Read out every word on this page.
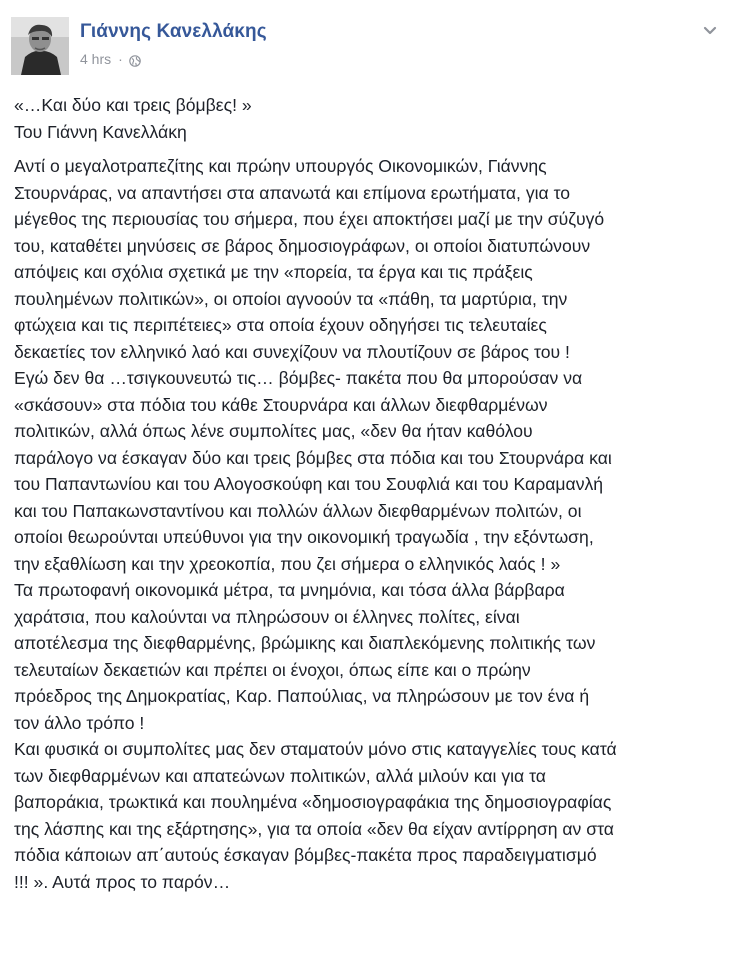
Γιάννης Κανελλάκης
4 hrs ·
«…Και δύο και τρεις βόμβες! »
Του Γιάννη Κανελλάκη
Αντί ο μεγαλοτραπεζίτης και πρώην υπουργός Οικονομικών, Γιάννης
Στουρνάρας, να απαντήσει στα απανωτά και επίμονα ερωτήματα, για το
μέγεθος της περιουσίας του σήμερα, που έχει αποκτήσει μαζί με την σύζυγό
του, καταθέτει μηνύσεις σε βάρος δημοσιογράφων, οι οποίοι διατυπώνουν
απόψεις και σχόλια σχετικά με την «πορεία, τα έργα και τις πράξεις
πουλημένων πολιτικών», οι οποίοι αγνοούν τα «πάθη, τα μαρτύρια, την
φτώχεια και τις περιπέτειες» στα οποία έχουν οδηγήσει τις τελευταίες
δεκαετίες τον ελληνικό λαό και συνεχίζουν να πλουτίζουν σε βάρος του !
Εγώ δεν θα …τσιγκουνευτώ τις… βόμβες- πακέτα που θα μπορούσαν να
«σκάσουν» στα πόδια του κάθε Στουρνάρα και άλλων διεφθαρμένων
πολιτικών, αλλά όπως λένε συμπολίτες μας, «δεν θα ήταν καθόλου
παράλογο να έσκαγαν δύο και τρεις βόμβες στα πόδια και του Στουρνάρα και
του Παπαντωνίου και του Αλογοσκούφη και του Σουφλιά και του Καραμανλή
και του Παπακωνσταντίνου και πολλών άλλων διεφθαρμένων πολιτών, οι
οποίοι θεωρούνται υπεύθυνοι για την οικονομική τραγωδία , την εξόντωση,
την εξαθλίωση και την χρεοκοπία, που ζει σήμερα ο ελληνικός λαός ! »
Τα πρωτοφανή οικονομικά μέτρα, τα μνημόνια, και τόσα άλλα βάρβαρα
χαράτσια, που καλούνται να πληρώσουν οι έλληνες πολίτες, είναι
αποτέλεσμα της διεφθαρμένης, βρώμικης και διαπλεκόμενης πολιτικής των
τελευταίων δεκαετιών και πρέπει οι ένοχοι, όπως είπε και ο πρώην
πρόεδρος της Δημοκρατίας, Καρ. Παπούλιας, να πληρώσουν με τον ένα ή
τον άλλο τρόπο !
Και φυσικά οι συμπολίτες μας δεν σταματούν μόνο στις καταγγελίες τους κατά
των διεφθαρμένων και απατεώνων πολιτικών, αλλά μιλούν και για τα
βαποράκια, τρωκτικά και πουλημένα «δημοσιογραφάκια της δημοσιογραφίας
της λάσπης και της εξάρτησης», για τα οποία «δεν θα είχαν αντίρρηση αν στα
πόδια κάποιων απ΄αυτούς έσκαγαν βόμβες-πακέτα προς παραδειγματισμό
!!! ». Αυτά προς το παρόν…
